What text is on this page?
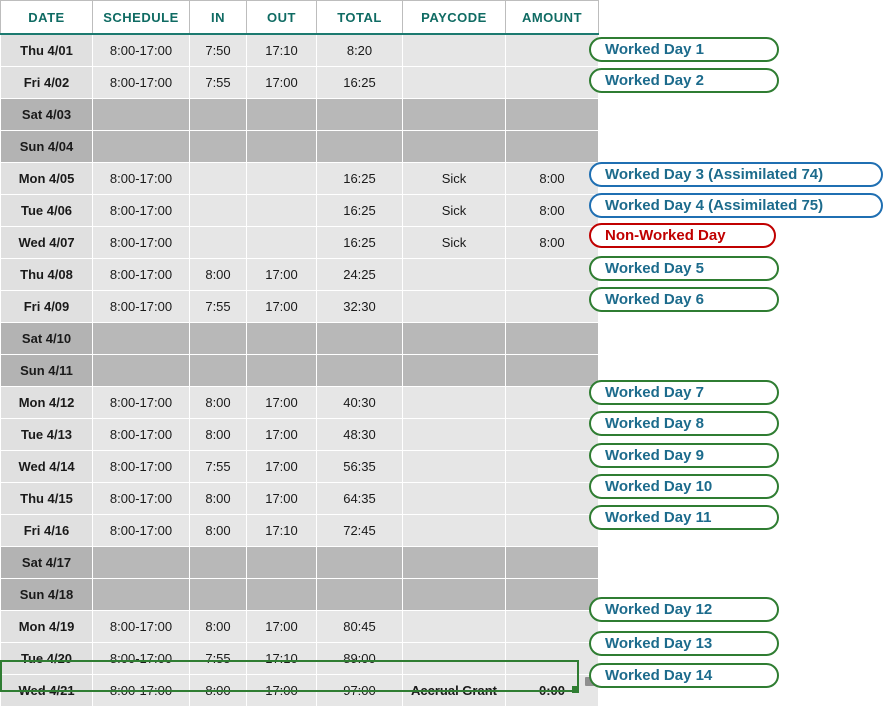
DATE	SCHEDULE	IN	OUT	TOTAL	PAYCODE	AMOUNT
Thu 4/01	8:00-17:00	7:50	17:10	8:20		
Fri 4/02	8:00-17:00	7:55	17:00	16:25		
Sat 4/03						
Sun 4/04						
Mon 4/05	8:00-17:00			16:25	Sick	8:00
Tue 4/06	8:00-17:00			16:25	Sick	8:00
Wed 4/07	8:00-17:00			16:25	Sick	8:00
Thu 4/08	8:00-17:00	8:00	17:00	24:25		
Fri 4/09	8:00-17:00	7:55	17:00	32:30		
Sat 4/10						
Sun 4/11						
Mon 4/12	8:00-17:00	8:00	17:00	40:30		
Tue 4/13	8:00-17:00	8:00	17:00	48:30		
Wed 4/14	8:00-17:00	7:55	17:00	56:35		
Thu 4/15	8:00-17:00	8:00	17:00	64:35		
Fri 4/16	8:00-17:00	8:00	17:10	72:45		
Sat 4/17						
Sun 4/18						
Mon 4/19	8:00-17:00	8:00	17:00	80:45		
Tue 4/20	8:00-17:00	7:55	17:10	89:00		
Wed 4/21	8:00-17:00	8:00	17:00	97:00	Accrual Grant	0:00
Worked Day 1
Worked Day 2
Worked Day 3 (Assimilated 74)
Worked Day 4 (Assimilated 75)
Non-Worked Day
Worked Day 5
Worked Day 6
Worked Day 7
Worked Day 8
Worked Day 9
Worked Day 10
Worked Day 11
Worked Day 12
Worked Day 13
Worked Day 14
